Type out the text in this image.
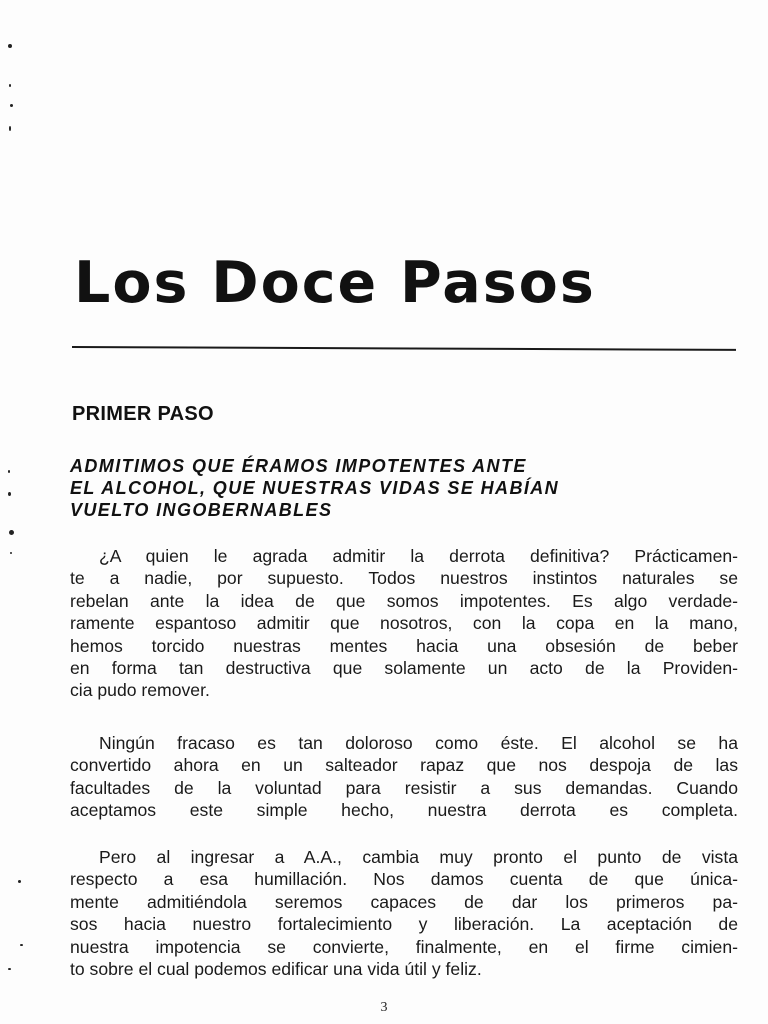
Los Doce Pasos
PRIMER PASO

ADMITIMOS QUE ÉRAMOS IMPOTENTES ANTE
EL ALCOHOL, QUE NUESTRAS VIDAS SE HABÍAN
VUELTO INGOBERNABLES

¿A quien le agrada admitir la derrota definitiva? Prácticamen-
te a nadie, por supuesto. Todos nuestros instintos naturales se
rebelan ante la idea de que somos impotentes. Es algo verdade-
ramente espantoso admitir que nosotros, con la copa en la mano,
hemos torcido nuestras mentes hacia una obsesión de beber
en forma tan destructiva que solamente un acto de la Providen-
cia pudo remover.

Ningún fracaso es tan doloroso como éste. El alcohol se ha
convertido ahora en un salteador rapaz que nos despoja de las
facultades de la voluntad para resistir a sus demandas. Cuando
aceptamos este simple hecho, nuestra derrota es completa.

Pero al ingresar a A.A., cambia muy pronto el punto de vista
respecto a esa humillación. Nos damos cuenta de que única-
mente admitiéndola seremos capaces de dar los primeros pa-
sos hacia nuestro fortalecimiento y liberación. La aceptación de
nuestra impotencia se convierte, finalmente, en el firme cimien-
to sobre el cual podemos edificar una vida útil y feliz.

3
